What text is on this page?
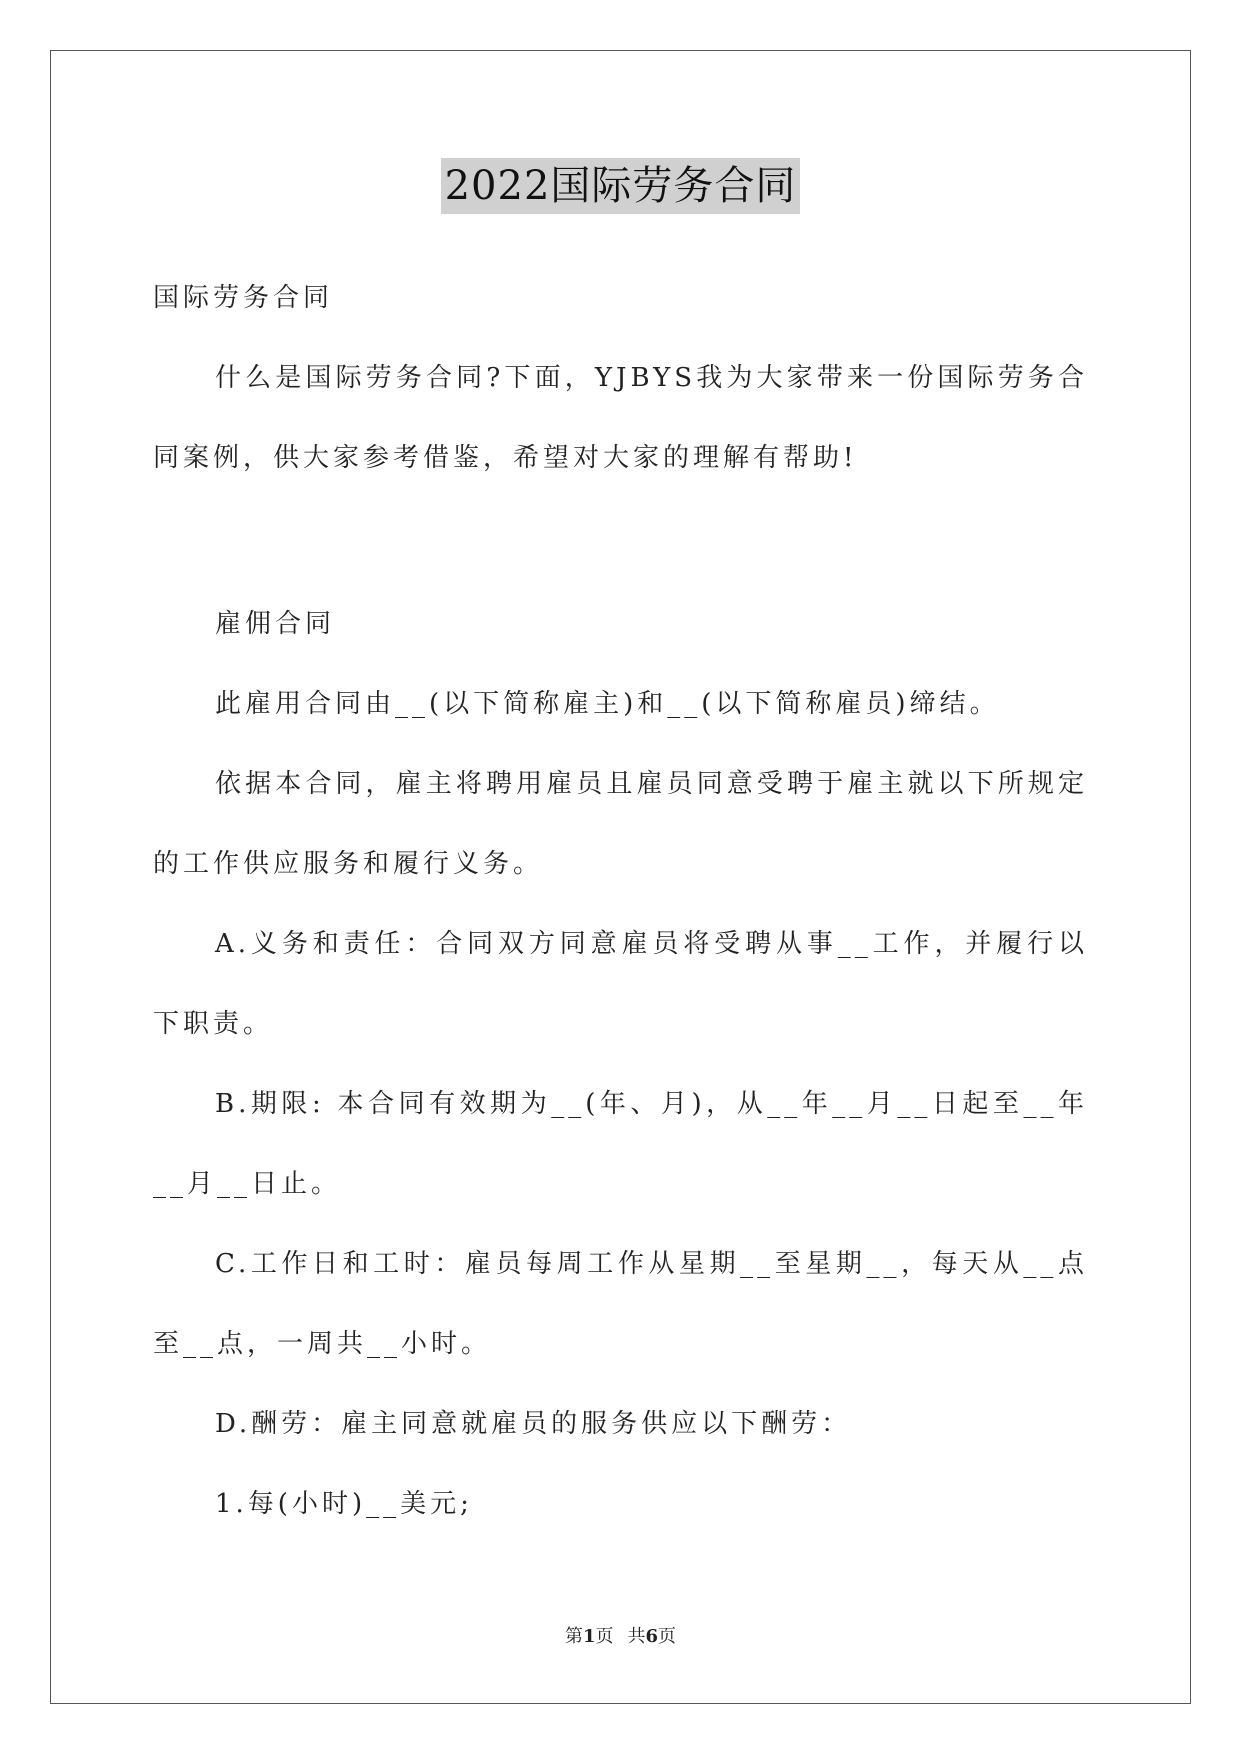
2022国际劳务合同

国际劳务合同

什么是国际劳务合同?下面，YJBYS我为大家带来一份国际劳务合同案例，供大家参考借鉴，希望对大家的理解有帮助!

雇佣合同

此雇用合同由__(以下简称雇主)和__(以下简称雇员)缔结。

依据本合同，雇主将聘用雇员且雇员同意受聘于雇主就以下所规定的工作供应服务和履行义务。

A.义务和责任：合同双方同意雇员将受聘从事__工作，并履行以下职责。

B.期限: 本合同有效期为__(年、月)，从__年__月__日起至__年__月__日止。

C.工作日和工时：雇员每周工作从星期__至星期__，每天从__点至__点，一周共__小时。

D.酬劳：雇主同意就雇员的服务供应以下酬劳：

1.每(小时)__美元;

第1页 共6页
